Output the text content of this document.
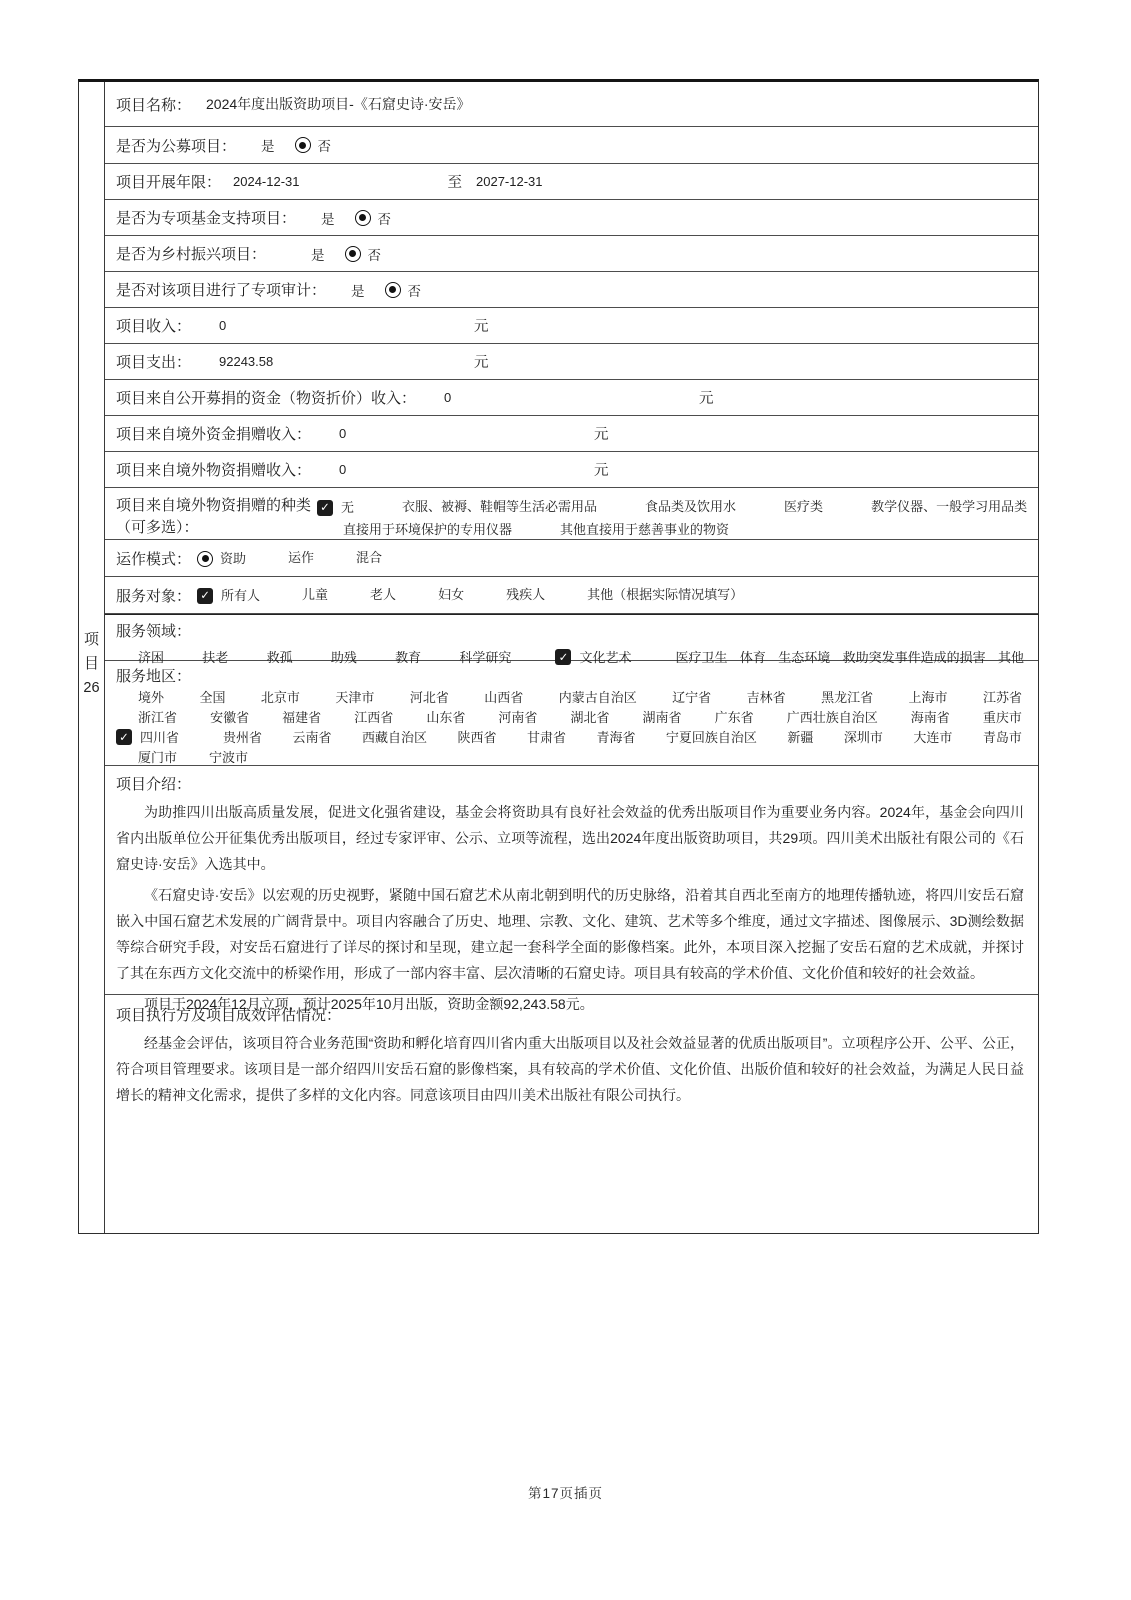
项
目
26
项目名称： 2024年度出版资助项目-《石窟史诗·安岳》
是否为公募项目： 是	否
项目开展年限： 2024-12-31	至 2027-12-31
是否为专项基金支持项目： 是	否
是否为乡村振兴项目：	是	否
是否对该项目进行了专项审计： 是	否
项目收入： 0	元
项目支出： 92243.58	元
项目来自公开募捐的资金（物资折价）收入： 0	元
项目来自境外资金捐赠收入： 0	元
项目来自境外物资捐赠收入： 0	元
项目来自境外物资捐赠的种类
（可多选）：
✓ 无	衣服、被褥、鞋帽等生活必需用品	食品类及饮用水	医疗类	教学仪器、一般学习用品类
直接用于环境保护的专用仪器	其他直接用于慈善事业的物资
运作模式： 资助	运作	混合
服务对象： ✓ 所有人	儿童	老人	妇女	残疾人	其他（根据实际情况填写）
服务领域：
济困	扶老	救孤	助残	教育	科学研究	✓ 文化艺术	医疗卫生 体育 生态环境 救助突发事件造成的损害 其他
服务地区：
境外	全国	北京市	天津市	河北省	山西省	内蒙古自治区	辽宁省	吉林省	黑龙江省	上海市	江苏省
浙江省	安徽省	福建省	江西省	山东省	河南省	湖北省	湖南省	广东省	广西壮族自治区	海南省	重庆市
✓ 四川省	贵州省 云南省 西藏自治区 陕西省 甘肃省 青海省 宁夏回族自治区 新疆 深圳市 大连市 青岛市
厦门市 宁波市
项目介绍：

为助推四川出版高质量发展，促进文化强省建设，基金会将资助具有良好社会效益的优秀出版项目作为重要业务内容。2024年，基金会向四川省内出版单位公开征集优秀出版项目，经过专家评审、公示、立项等流程，选出2024年度出版资助项目，共29项。四川美术出版社有限公司的《石窟史诗·安岳》入选其中。

《石窟史诗·安岳》以宏观的历史视野，紧随中国石窟艺术从南北朝到明代的历史脉络，沿着其自西北至南方的地理传播轨迹，将四川安岳石窟嵌入中国石窟艺术发展的广阔背景中。项目内容融合了历史、地理、宗教、文化、建筑、艺术等多个维度，通过文字描述、图像展示、3D测绘数据等综合研究手段，对安岳石窟进行了详尽的探讨和呈现，建立起一套科学全面的影像档案。此外，本项目深入挖掘了安岳石窟的艺术成就，并探讨了其在东西方文化交流中的桥梁作用，形成了一部内容丰富、层次清晰的石窟史诗。项目具有较高的学术价值、文化价值和较好的社会效益。

项目于2024年12月立项，预计2025年10月出版，资助金额92,243.58元。

项目执行方及项目成效评估情况：

经基金会评估，该项目符合业务范围“资助和孵化培育四川省内重大出版项目以及社会效益显著的优质出版项目”。立项程序公开、公平、公正，符合项目管理要求。该项目是一部介绍四川安岳石窟的影像档案，具有较高的学术价值、文化价值、出版价值和较好的社会效益，为满足人民日益增长的精神文化需求，提供了多样的文化内容。同意该项目由四川美术出版社有限公司执行。

第17页插页
